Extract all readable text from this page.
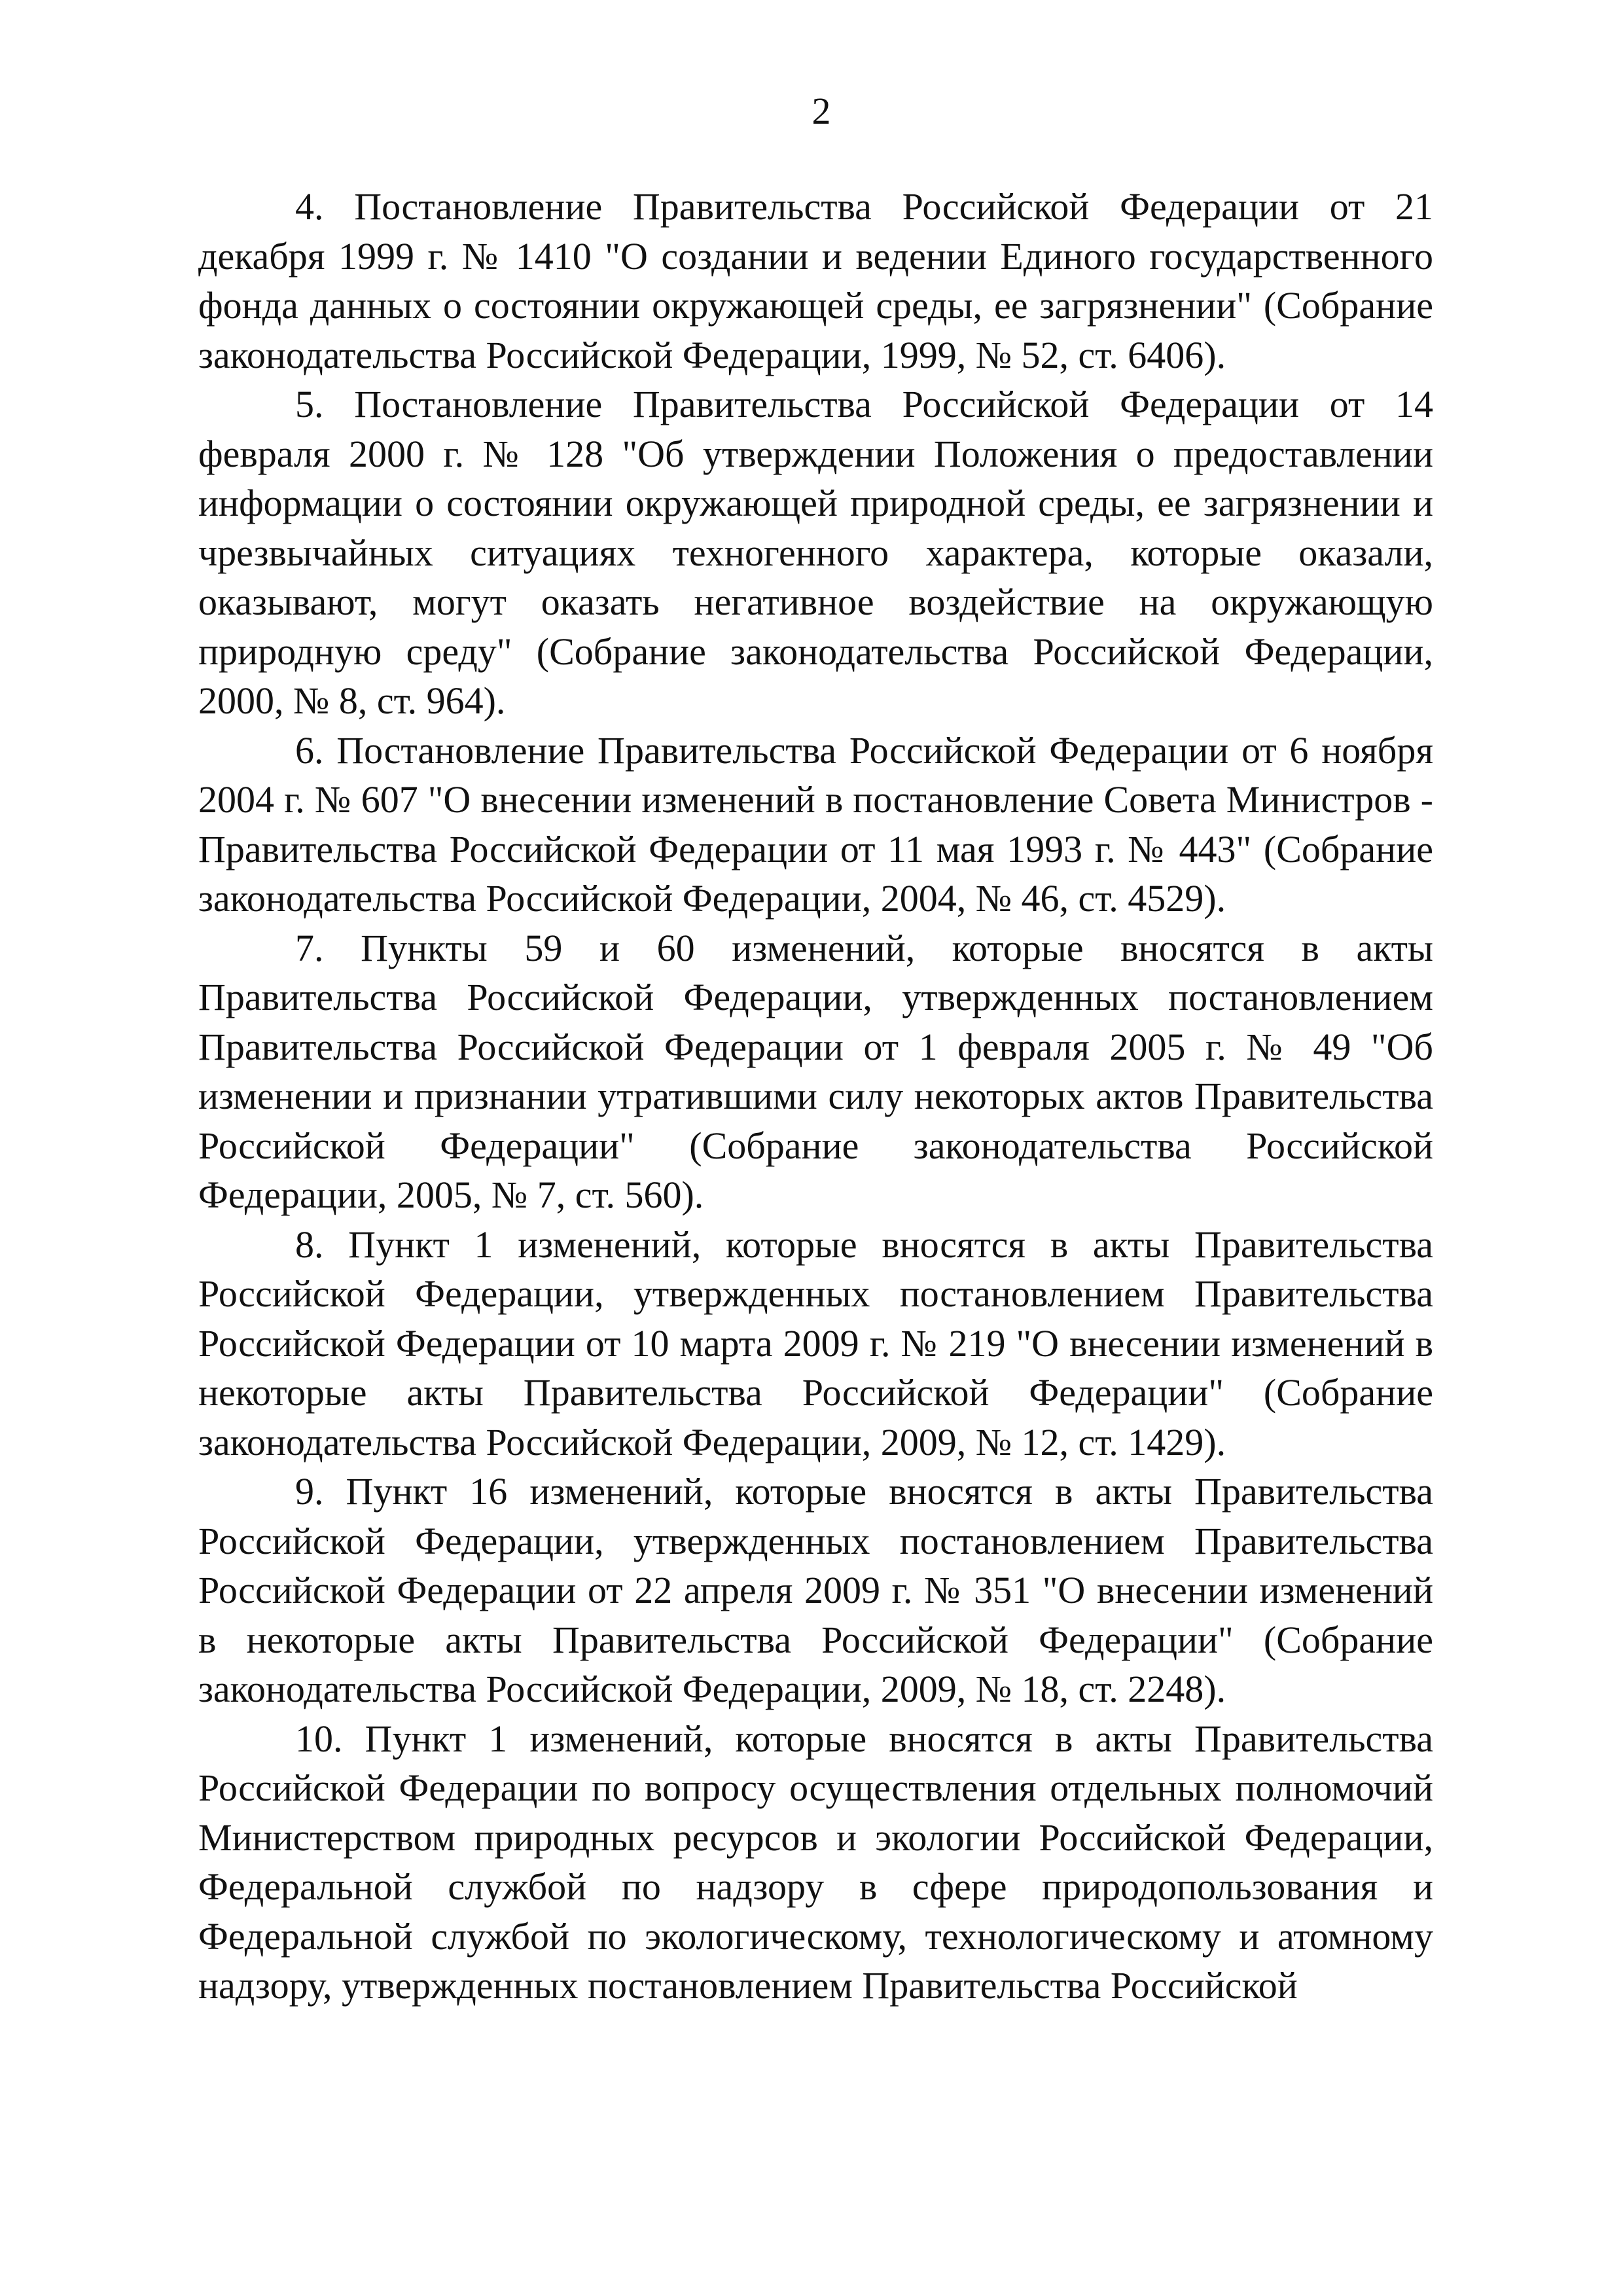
2

4. Постановление Правительства Российской Федерации от 21 декабря 1999 г. № 1410 "О создании и ведении Единого государственного фонда данных о состоянии окружающей среды, ее загрязнении" (Собрание законодательства Российской Федерации, 1999, № 52, ст. 6406).

5. Постановление Правительства Российской Федерации от 14 февраля 2000 г. № 128 "Об утверждении Положения о предоставлении информации о состоянии окружающей природной среды, ее загрязнении и чрезвычайных ситуациях техногенного характера, которые оказали, оказывают, могут оказать негативное воздействие на окружающую природную среду" (Собрание законодательства Российской Федерации, 2000, № 8, ст. 964).

6. Постановление Правительства Российской Федерации от 6 ноября 2004 г. № 607 "О внесении изменений в постановление Совета Министров - Правительства Российской Федерации от 11 мая 1993 г. № 443" (Собрание законодательства Российской Федерации, 2004, № 46, ст. 4529).

7. Пункты 59 и 60 изменений, которые вносятся в акты Правительства Российской Федерации, утвержденных постановлением Правительства Российской Федерации от 1 февраля 2005 г. № 49 "Об изменении и признании утратившими силу некоторых актов Правительства Российской Федерации" (Собрание законодательства Российской Федерации, 2005, № 7, ст. 560).

8. Пункт 1 изменений, которые вносятся в акты Правительства Российской Федерации, утвержденных постановлением Правительства Российской Федерации от 10 марта 2009 г. № 219 "О внесении изменений в некоторые акты Правительства Российской Федерации" (Собрание законодательства Российской Федерации, 2009, № 12, ст. 1429).

9. Пункт 16 изменений, которые вносятся в акты Правительства Российской Федерации, утвержденных постановлением Правительства Российской Федерации от 22 апреля 2009 г. № 351 "О внесении изменений в некоторые акты Правительства Российской Федерации" (Собрание законодательства Российской Федерации, 2009, № 18, ст. 2248).

10. Пункт 1 изменений, которые вносятся в акты Правительства Российской Федерации по вопросу осуществления отдельных полномочий Министерством природных ресурсов и экологии Российской Федерации, Федеральной службой по надзору в сфере природопользования и Федеральной службой по экологическому, технологическому и атомному надзору, утвержденных постановлением Правительства Российской
